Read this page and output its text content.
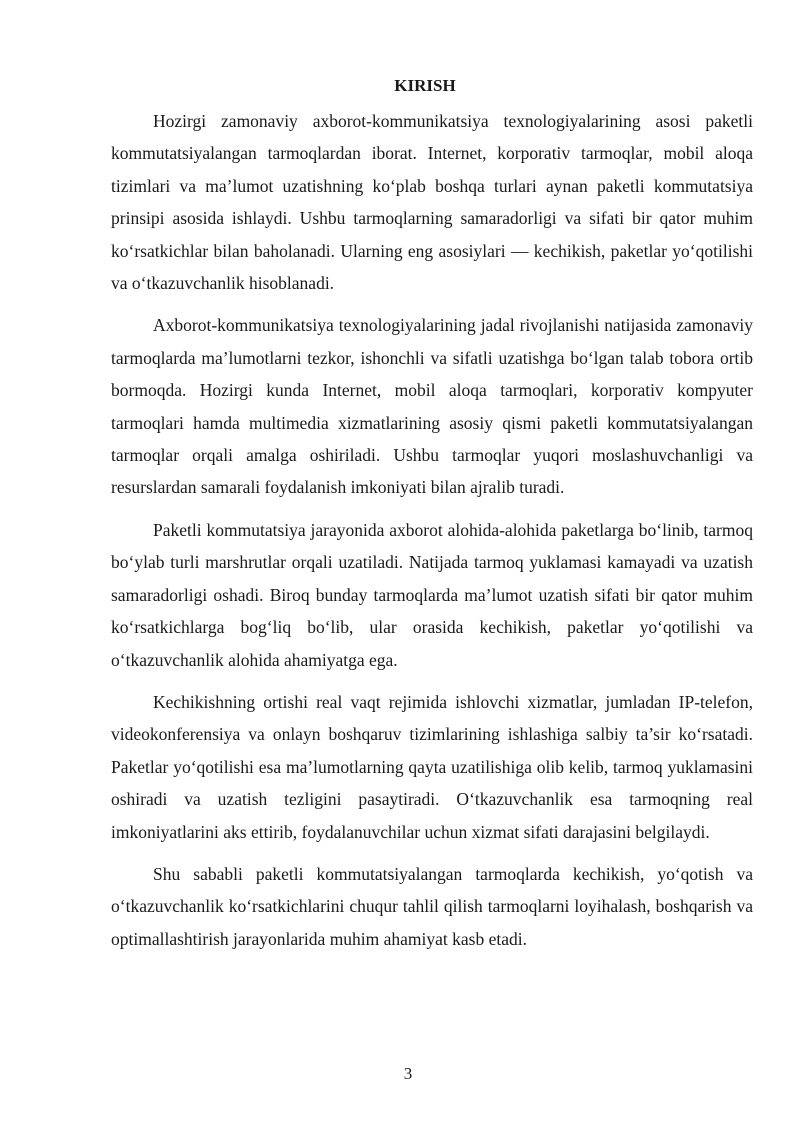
KIRISH

Hozirgi zamonaviy axborot-kommunikatsiya texnologiyalarining asosi paketli kommutatsiyalangan tarmoqlardan iborat. Internet, korporativ tarmoqlar, mobil aloqa tizimlari va ma’lumot uzatishning ko‘plab boshqa turlari aynan paketli kommutatsiya prinsipi asosida ishlaydi. Ushbu tarmoqlarning samaradorligi va sifati bir qator muhim ko‘rsatkichlar bilan baholanadi. Ularning eng asosiylari — kechikish, paketlar yo‘qotilishi va o‘tkazuvchanlik hisoblanadi.

Axborot-kommunikatsiya texnologiyalarining jadal rivojlanishi natijasida zamonaviy tarmoqlarda ma’lumotlarni tezkor, ishonchli va sifatli uzatishga bo‘lgan talab tobora ortib bormoqda. Hozirgi kunda Internet, mobil aloqa tarmoqlari, korporativ kompyuter tarmoqlari hamda multimedia xizmatlarining asosiy qismi paketli kommutatsiyalangan tarmoqlar orqali amalga oshiriladi. Ushbu tarmoqlar yuqori moslashuvchanligi va resurslardan samarali foydalanish imkoniyati bilan ajralib turadi.

Paketli kommutatsiya jarayonida axborot alohida-alohida paketlarga bo‘linib, tarmoq bo‘ylab turli marshrutlar orqali uzatiladi. Natijada tarmoq yuklamasi kamayadi va uzatish samaradorligi oshadi. Biroq bunday tarmoqlarda ma’lumot uzatish sifati bir qator muhim ko‘rsatkichlarga bog‘liq bo‘lib, ular orasida kechikish, paketlar yo‘qotilishi va o‘tkazuvchanlik alohida ahamiyatga ega.

Kechikishning ortishi real vaqt rejimida ishlovchi xizmatlar, jumladan IP-telefon, videokonferensiya va onlayn boshqaruv tizimlarining ishlashiga salbiy ta’sir ko‘rsatadi. Paketlar yo‘qotilishi esa ma’lumotlarning qayta uzatilishiga olib kelib, tarmoq yuklamasini oshiradi va uzatish tezligini pasaytiradi. O‘tkazuvchanlik esa tarmoqning real imkoniyatlarini aks ettirib, foydalanuvchilar uchun xizmat sifati darajasini belgilaydi.

Shu sababli paketli kommutatsiyalangan tarmoqlarda kechikish, yo‘qotish va o‘tkazuvchanlik ko‘rsatkichlarini chuqur tahlil qilish tarmoqlarni loyihalash, boshqarish va optimallashtirish jarayonlarida muhim ahamiyat kasb etadi.

3
